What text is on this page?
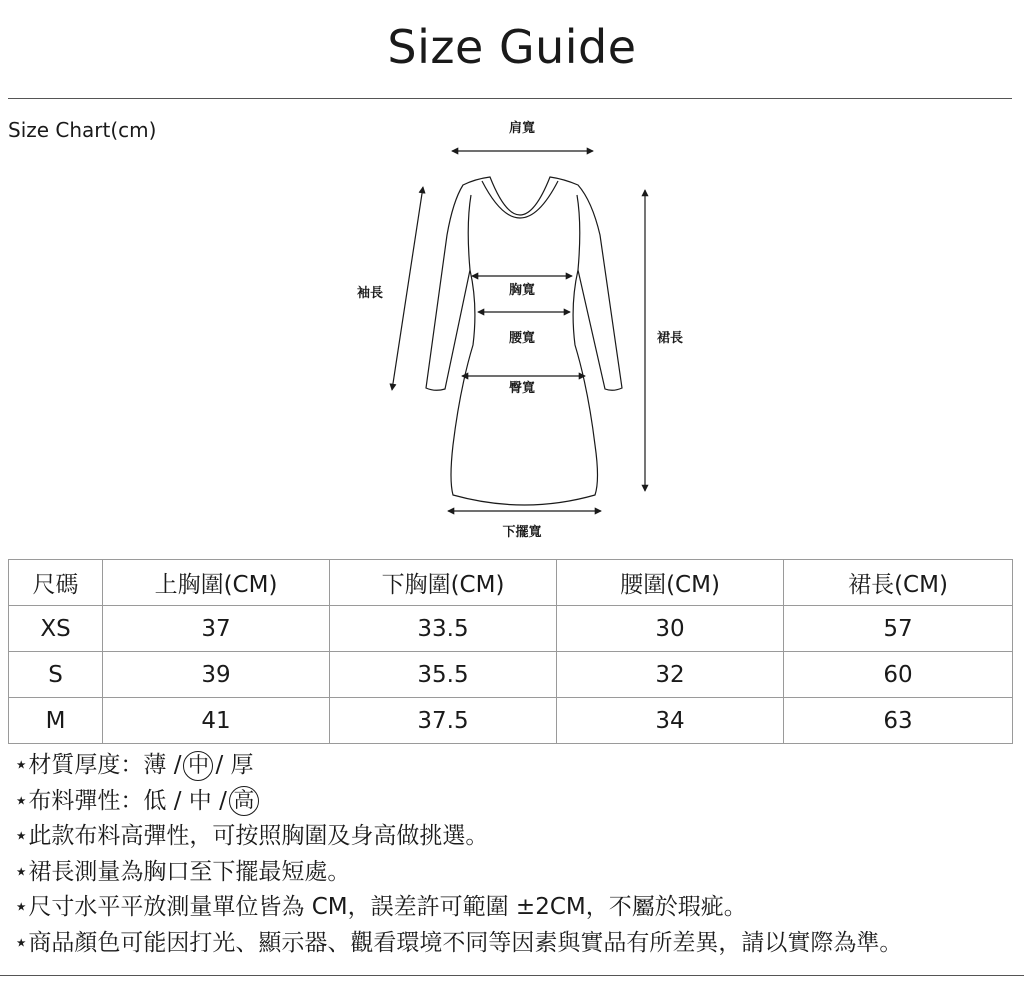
Size Guide
Size Chart(cm)	肩寬
袖長	胸寬
腰寬
臀寬
裙長
下擺寬
尺碼	上胸圍(CM)	下胸圍(CM)	腰圍(CM)	裙長(CM)
XS	37	33.5	30	57
S	39	35.5	32	60
M	41	37.5	34	63
⋆材質厚度：薄 / 中 / 厚
⋆布料彈性：低 / 中 / 高
⋆此款布料高彈性，可按照胸圍及身高做挑選。
⋆裙長測量為胸口至下擺最短處。
⋆尺寸水平平放測量單位皆為 CM，誤差許可範圍 ±2CM，不屬於瑕疵。
⋆商品顏色可能因打光、顯示器、觀看環境不同等因素與實品有所差異，請以實際為準。
